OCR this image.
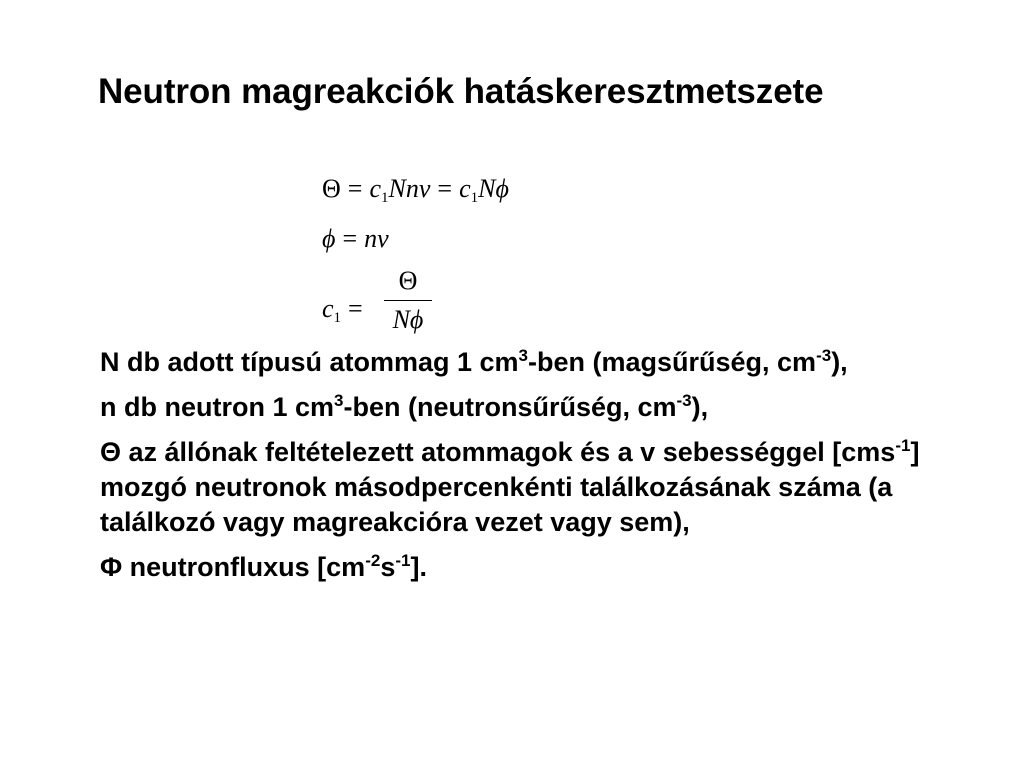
Neutron magreakciók hatáskeresztmetszete
$\Theta = c_1Nnv = c_1N\phi$
ϕ = nv
$c_1$ =
Θ
Nϕ

N db adott típusú atommag 1 $cm^3$-ben (magsűrűség, $cm^{-3}$),

n db neutron 1 $cm^3$-ben (neutronsűrűség, $cm^{-3}$),

Θ az állónak feltételezett atommagok és a v sebességgel [cms$^{-1}$] mozgó neutronok másodpercenkénti találkozásának száma (a találkozó vagy magreakcióra vezet vagy sem),

Φ neutronfluxus $[cm^{-2}s^{-1}]$.
